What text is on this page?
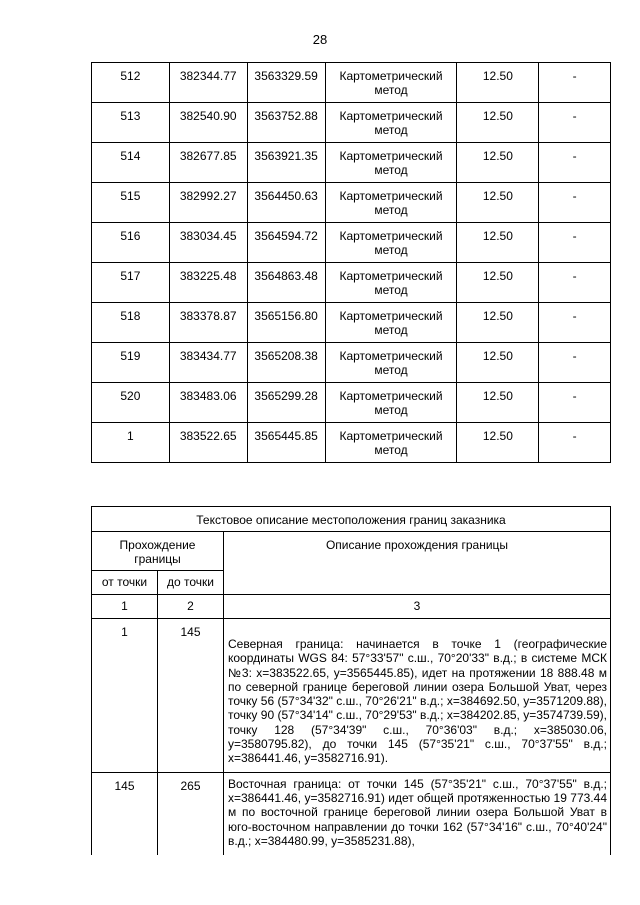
28
512	382344.77	3563329.59	Картометрический метод	12.50	-
513	382540.90	3563752.88	Картометрический метод	12.50	-
514	382677.85	3563921.35	Картометрический метод	12.50	-
515	382992.27	3564450.63	Картометрический метод	12.50	-
516	383034.45	3564594.72	Картометрический метод	12.50	-
517	383225.48	3564863.48	Картометрический метод	12.50	-
518	383378.87	3565156.80	Картометрический метод	12.50	-
519	383434.77	3565208.38	Картометрический метод	12.50	-
520	383483.06	3565299.28	Картометрический метод	12.50	-
1	383522.65	3565445.85	Картометрический метод	12.50	-
Текстовое описание местоположения границ заказника		
Прохождение границы		Описание прохождения границы
от точки	до точки	
1	2	3
1	145	Северная граница: начинается в точке 1 (географические координаты WGS 84: 57°33'57" с.ш., 70°20'33" в.д.; в системе МСК №3: x=383522.65, y=3565445.85), идет на протяжении 18 888.48 м по северной границе береговой линии озера Большой Уват, через точку 56 (57°34'32" с.ш., 70°26'21" в.д.; x=384692.50, y=3571209.88), точку 90 (57°34'14" с.ш., 70°29'53" в.д.; x=384202.85, y=3574739.59), точку 128 (57°34'39" с.ш., 70°36'03" в.д.; x=385030.06, y=3580795.82), до точки 145 (57°35'21" с.ш., 70°37'55" в.д.; x=386441.46, y=3582716.91).
145	265	Восточная граница: от точки 145 (57°35'21" с.ш., 70°37'55" в.д.; x=386441.46, y=3582716.91) идет общей протяженностью 19 773.44 м по восточной границе береговой линии озера Большой Уват в юго-восточном направлении до точки 162 (57°34'16" с.ш., 70°40'24" в.д.; x=384480.99, y=3585231.88),
